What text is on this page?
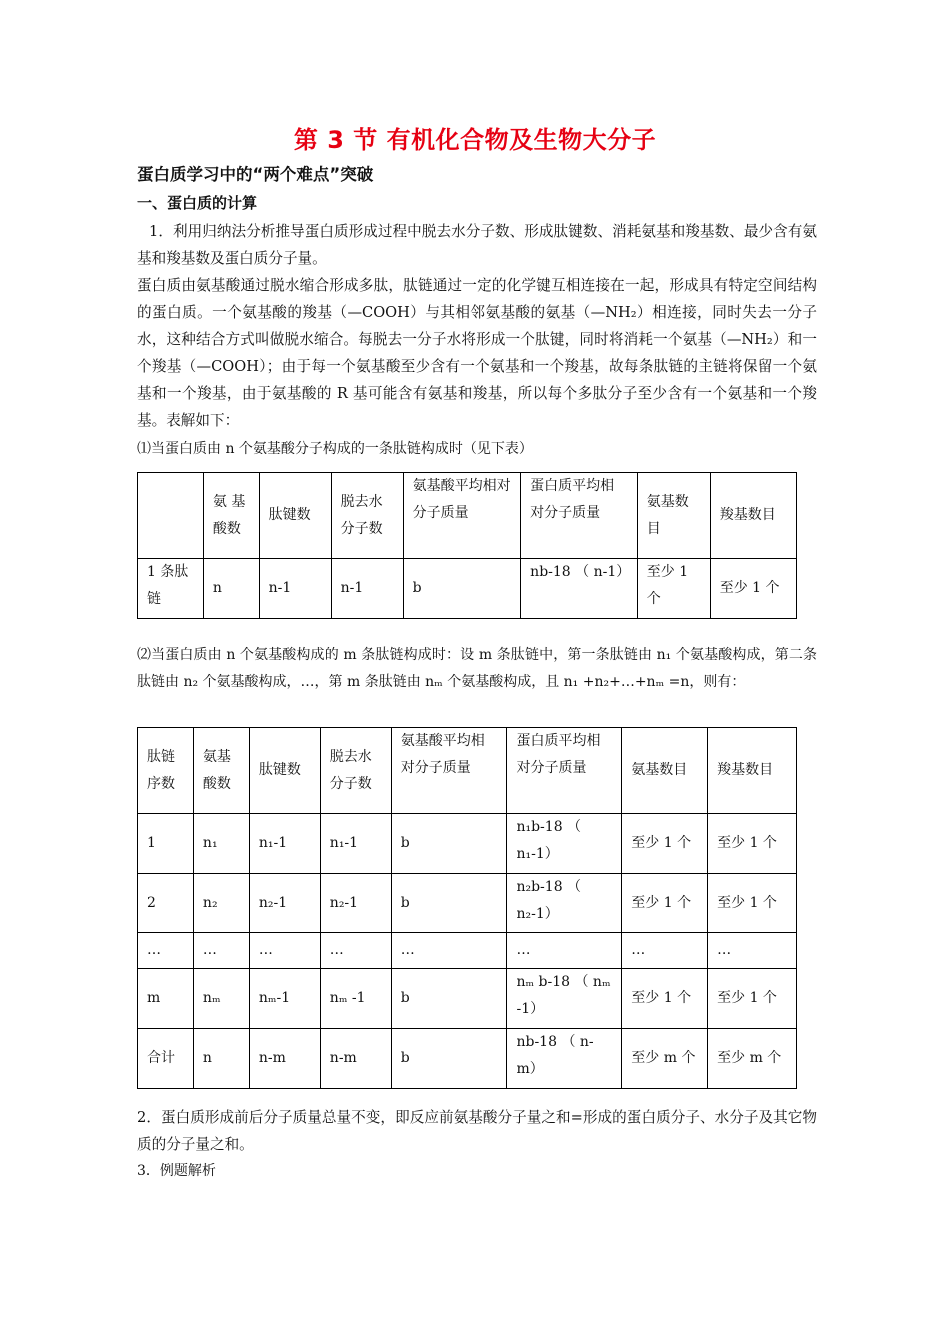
第 3 节 有机化合物及生物大分子
蛋白质学习中的“两个难点”突破
一、蛋白质的计算
1．利用归纳法分析推导蛋白质形成过程中脱去水分子数、形成肽键数、消耗氨基和羧基数、最少含有氨基和羧基数及蛋白质分子量。
蛋白质由氨基酸通过脱水缩合形成多肽，肽链通过一定的化学键互相连接在一起，形成具有特定空间结构的蛋白质。一个氨基酸的羧基（—COOH）与其相邻氨基酸的氨基（—NH₂）相连接，同时失去一分子水，这种结合方式叫做脱水缩合。每脱去一分子水将形成一个肽键，同时将消耗一个氨基（—NH₂）和一个羧基（—COOH）；由于每一个氨基酸至少含有一个氨基和一个羧基，故每条肽链的主链将保留一个氨基和一个羧基，由于氨基酸的 R 基可能含有氨基和羧基，所以每个多肽分子至少含有一个氨基和一个羧基。表解如下：
⑴当蛋白质由 n 个氨基酸分子构成的一条肽链构成时（见下表）
	氨 基 酸数	肽键数	脱去水分子数	氨基酸平均相对分子质量	蛋白质平均相对分子质量	氨基数目	羧基数目
1 条肽链	n	n-1	n-1	b	nb-18 （ n-1）	至少 1 个	至少 1 个
⑵当蛋白质由 n 个氨基酸构成的 m 条肽链构成时：设 m 条肽链中，第一条肽链由 n₁ 个氨基酸构成，第二条肽链由 n₂ 个氨基酸构成，…，第 m 条肽链由 nₘ 个氨基酸构成，且 n₁ +n₂+…+nₘ =n，则有：
肽链序数	氨基酸数	肽键数	脱去水分子数	氨基酸平均相对分子质量	蛋白质平均相对分子质量	氨基数目	羧基数目
1	n₁	n₁-1	n₁-1	b	n₁b-18 （ n₁-1）	至少 1 个	至少 1 个
2	n₂	n₂-1	n₂-1	b	n₂b-18 （ n₂-1）	至少 1 个	至少 1 个
…	…	…	…	…	…	…	…
m	nₘ	nₘ-1	nₘ -1	b	nₘ b-18 （ nₘ -1）	至少 1 个	至少 1 个
合计	n	n-m	n-m	b	nb-18 （ n-m）	至少 m 个	至少 m 个
2．蛋白质形成前后分子质量总量不变，即反应前氨基酸分子量之和=形成的蛋白质分子、水分子及其它物质的分子量之和。
3．例题解析
